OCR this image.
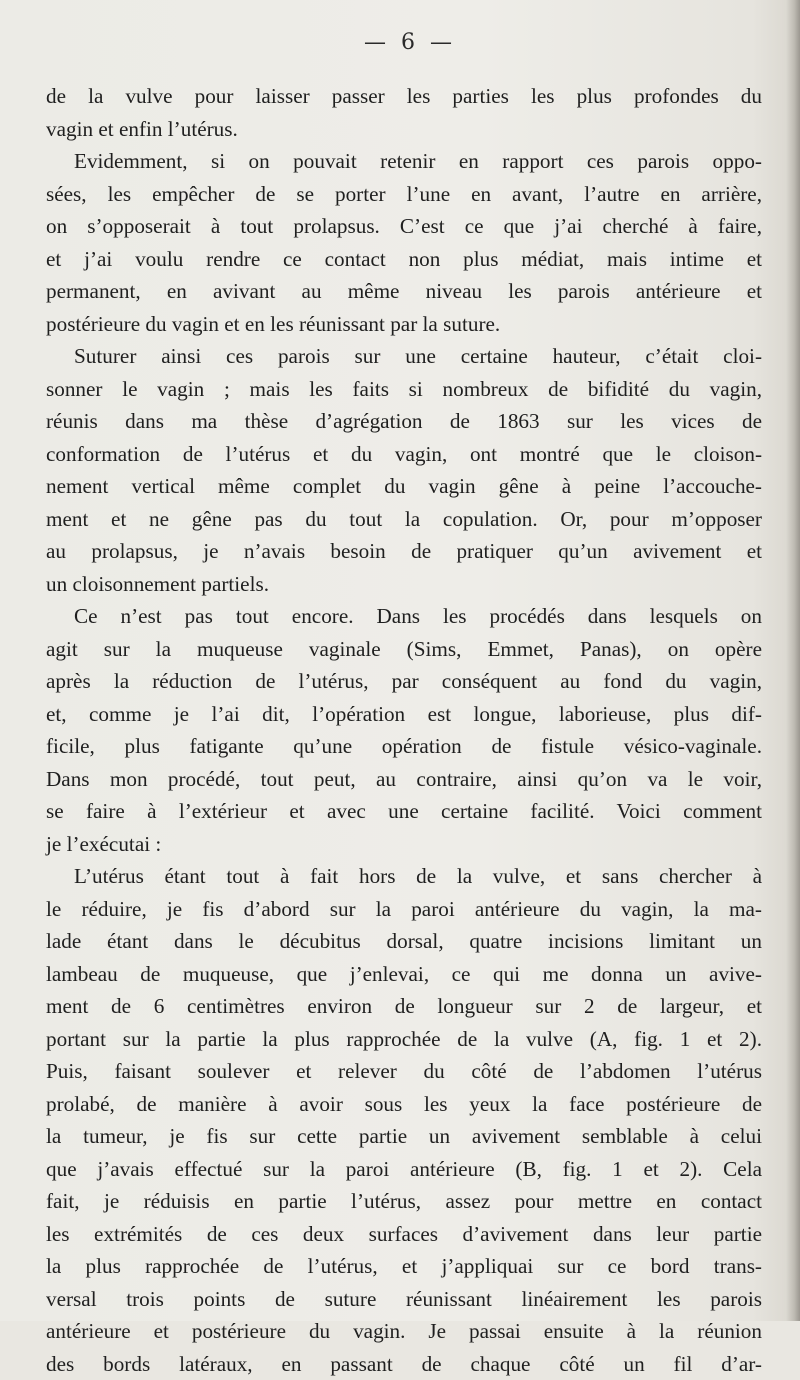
— 6 —
de la vulve pour laisser passer les parties les plus profondes du
vagin et enfin l’utérus.
Evidemment, si on pouvait retenir en rapport ces parois oppo-
sées, les empêcher de se porter l’une en avant, l’autre en arrière,
on s’opposerait à tout prolapsus. C’est ce que j’ai cherché à faire,
et j’ai voulu rendre ce contact non plus médiat, mais intime et
permanent, en avivant au même niveau les parois antérieure et
postérieure du vagin et en les réunissant par la suture.
Suturer ainsi ces parois sur une certaine hauteur, c’était cloi-
sonner le vagin ; mais les faits si nombreux de bifidité du vagin,
réunis dans ma thèse d’agrégation de 1863 sur les vices de
conformation de l’utérus et du vagin, ont montré que le cloison-
nement vertical même complet du vagin gêne à peine l’accouche-
ment et ne gêne pas du tout la copulation. Or, pour m’opposer
au prolapsus, je n’avais besoin de pratiquer qu’un avivement et
un cloisonnement partiels.
Ce n’est pas tout encore. Dans les procédés dans lesquels on
agit sur la muqueuse vaginale (Sims, Emmet, Panas), on opère
après la réduction de l’utérus, par conséquent au fond du vagin,
et, comme je l’ai dit, l’opération est longue, laborieuse, plus dif-
ficile, plus fatigante qu’une opération de fistule vésico-vaginale.
Dans mon procédé, tout peut, au contraire, ainsi qu’on va le voir,
se faire à l’extérieur et avec une certaine facilité. Voici comment
je l’exécutai :
L’utérus étant tout à fait hors de la vulve, et sans chercher à
le réduire, je fis d’abord sur la paroi antérieure du vagin, la ma-
lade étant dans le décubitus dorsal, quatre incisions limitant un
lambeau de muqueuse, que j’enlevai, ce qui me donna un avive-
ment de 6 centimètres environ de longueur sur 2 de largeur, et
portant sur la partie la plus rapprochée de la vulve (A, fig. 1 et 2).
Puis, faisant soulever et relever du côté de l’abdomen l’utérus
prolabé, de manière à avoir sous les yeux la face postérieure de
la tumeur, je fis sur cette partie un avivement semblable à celui
que j’avais effectué sur la paroi antérieure (B, fig. 1 et 2). Cela
fait, je réduisis en partie l’utérus, assez pour mettre en contact
les extrémités de ces deux surfaces d’avivement dans leur partie
la plus rapprochée de l’utérus, et j’appliquai sur ce bord trans-
versal trois points de suture réunissant linéairement les parois
antérieure et postérieure du vagin. Je passai ensuite à la réunion
des bords latéraux, en passant de chaque côté un fil d’ar-
